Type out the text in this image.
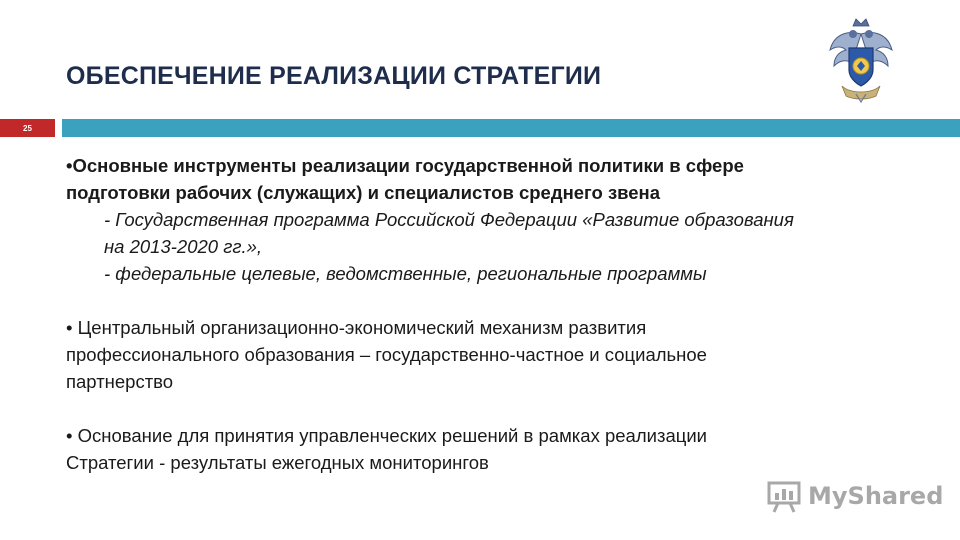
ОБЕСПЕЧЕНИЕ РЕАЛИЗАЦИИ СТРАТЕГИИ
25
•Основные инструменты реализации государственной политики в сфере
подготовки рабочих (служащих) и специалистов среднего звена
- Государственная программа Российской Федерации «Развитие образования
на 2013-2020 гг.»,
- федеральные целевые, ведомственные, региональные программы
• Центральный организационно-экономический механизм развития
профессионального образования – государственно-частное и социальное
партнерство
• Основание для принятия управленческих решений в рамках реализации
Стратегии - результаты ежегодных мониторингов
MyShared
